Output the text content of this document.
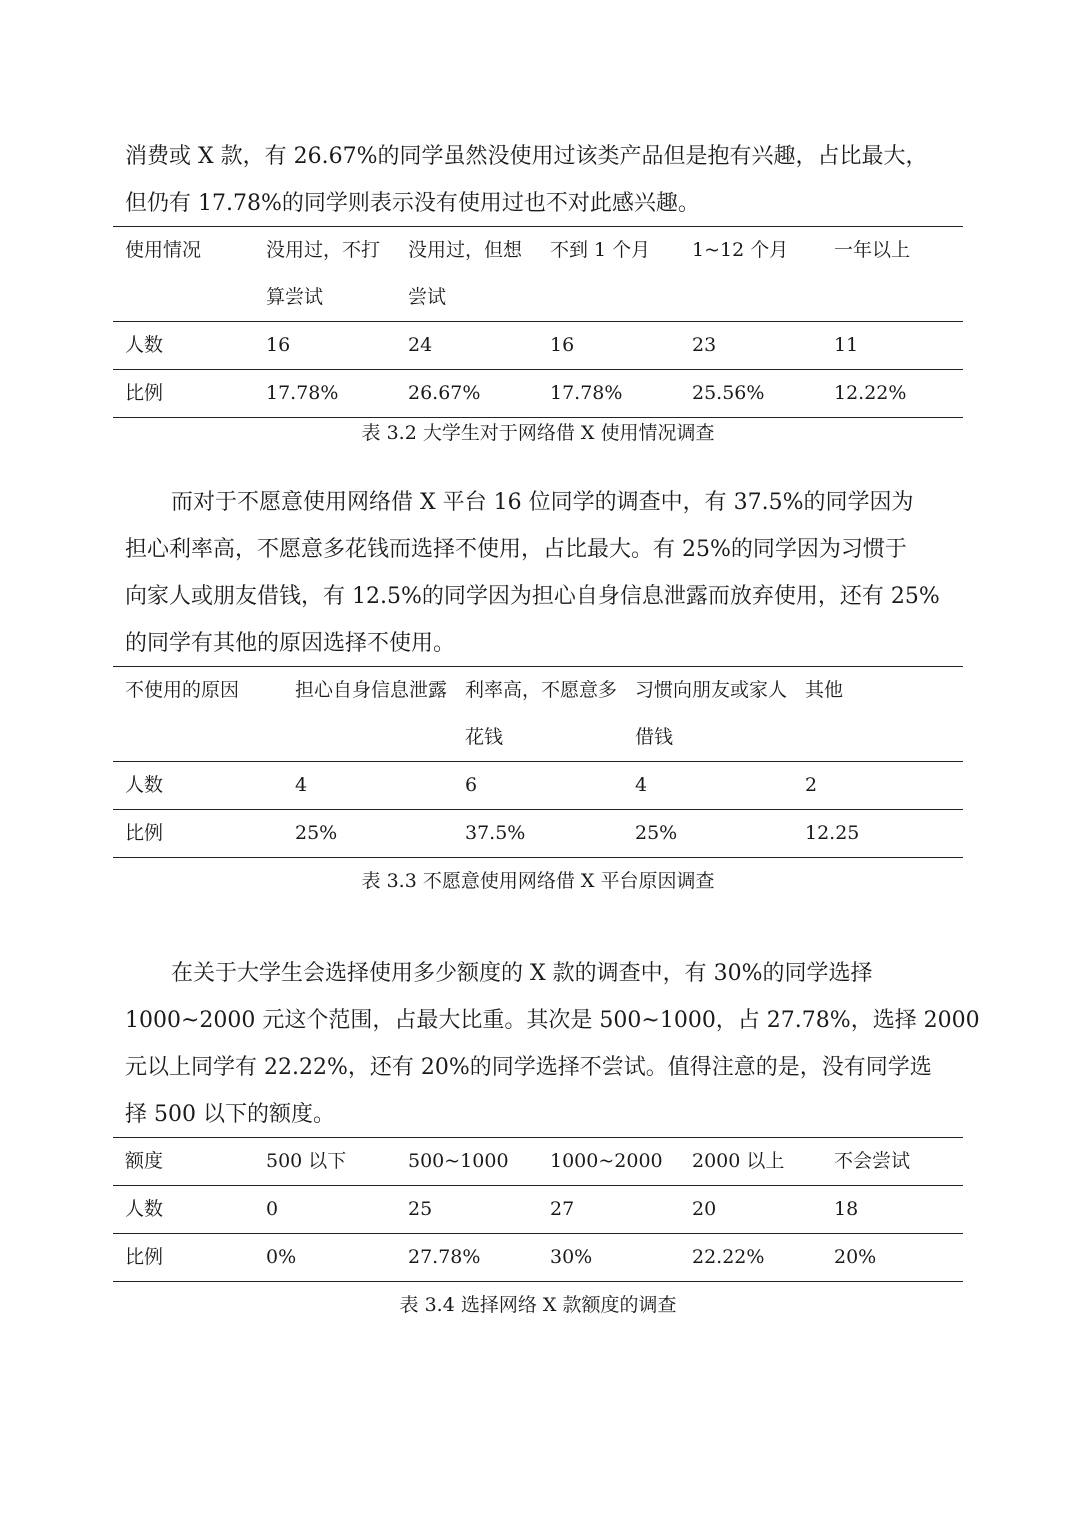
消费或 X 款，有 26.67%的同学虽然没使用过该类产品但是抱有兴趣，占比最大，
但仍有 17.78%的同学则表示没有使用过也不对此感兴趣。

使用情况	没用过，不打算尝试	没用过，但想尝试	不到 1 个月	1~12 个月	一年以上
人数	16	24	16	23	11
比例	17.78%	26.67%	17.78%	25.56%	12.22%

表 3.2 大学生对于网络借 X 使用情况调查

而对于不愿意使用网络借 X 平台 16 位同学的调查中，有 37.5%的同学因为
担心利率高，不愿意多花钱而选择不使用，占比最大。有 25%的同学因为习惯于
向家人或朋友借钱，有 12.5%的同学因为担心自身信息泄露而放弃使用，还有 25%
的同学有其他的原因选择不使用。

不使用的原因	担心自身信息泄露	利率高，不愿意多花钱	习惯向朋友或家人借钱	其他
人数	4	6	4	2
比例	25%	37.5%	25%	12.25

表 3.3 不愿意使用网络借 X 平台原因调查

在关于大学生会选择使用多少额度的 X 款的调查中，有 30%的同学选择
1000~2000 元这个范围，占最大比重。其次是 500~1000，占 27.78%，选择 2000
元以上同学有 22.22%，还有 20%的同学选择不尝试。值得注意的是，没有同学选
择 500 以下的额度。

额度	500 以下	500~1000	1000~2000	2000 以上	不会尝试
人数	0	25	27	20	18
比例	0%	27.78%	30%	22.22%	20%

表 3.4 选择网络 X 款额度的调查
